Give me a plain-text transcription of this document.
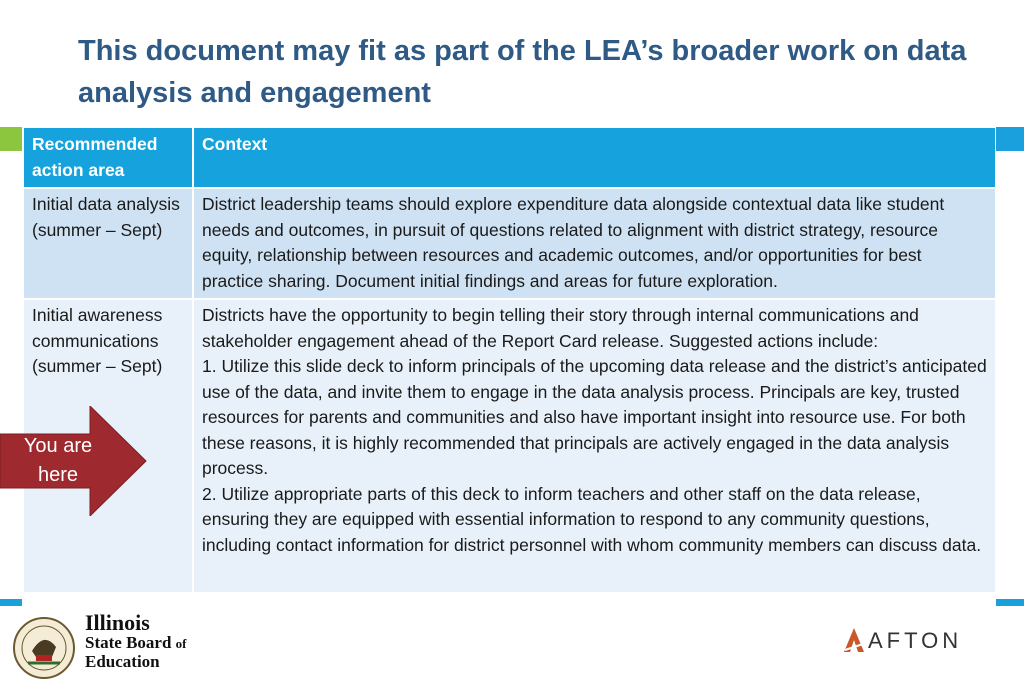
This document may fit as part of the LEA’s broader work on data analysis and engagement
Recommended action area	Context
Initial data analysis (summer – Sept)	District leadership teams should explore expenditure data alongside contextual data like student needs and outcomes, in pursuit of questions related to alignment with district strategy, resource equity, relationship between resources and academic outcomes, and/or opportunities for best practice sharing. Document initial findings and areas for future exploration.
Initial awareness communications (summer – Sept)	Districts have the opportunity to begin telling their story through internal communications and stakeholder engagement ahead of the Report Card release. Suggested actions include:
1. Utilize this slide deck to inform principals of the upcoming data release and the district’s anticipated use of the data, and invite them to engage in the data analysis process. Principals are key, trusted resources for parents and communities and also have important insight into resource use. For both these reasons, it is highly recommended that principals are actively engaged in the data analysis process.
2. Utilize appropriate parts of this deck to inform teachers and other staff on the data release, ensuring they are equipped with essential information to respond to any community questions, including contact information for district personnel with whom community members can discuss data.
You are here
Illinois
State Board of
Education
AFTON
